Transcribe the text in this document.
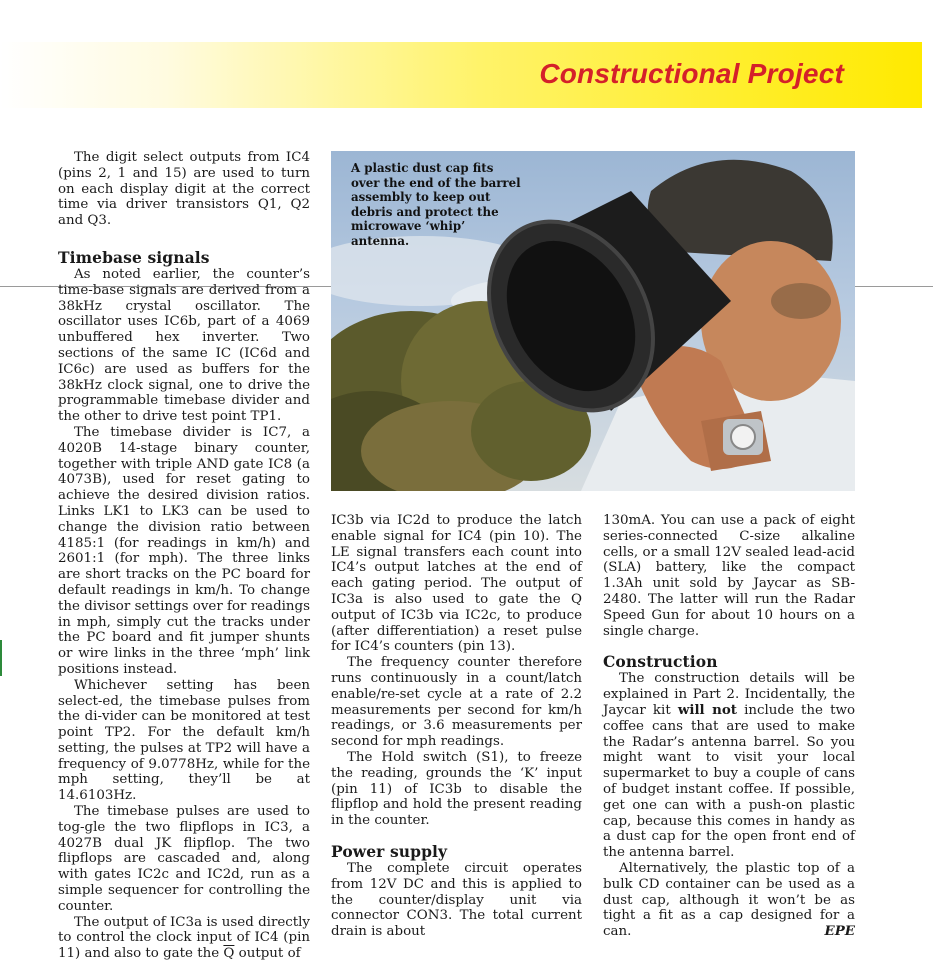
Constructional Project

The digit select outputs from IC4 (pins 2, 1 and 15) are used to turn on each display digit at the correct time via driver transistors Q1, Q2 and Q3.

Timebase signals

As noted earlier, the counter’s time-base signals are derived from a 38kHz crystal oscillator. The oscillator uses IC6b, part of a 4069 unbuffered hex inverter. Two sections of the same IC (IC6d and IC6c) are used as buffers for the 38kHz clock signal, one to drive the programmable timebase divider and the other to drive test point TP1.

The timebase divider is IC7, a 4020B 14-stage binary counter, together with triple AND gate IC8 (a 4073B), used for reset gating to achieve the desired division ratios. Links LK1 to LK3 can be used to change the division ratio between 4185:1 (for readings in km/h) and 2601:1 (for mph). The three links are short tracks on the PC board for default readings in km/h. To change the divisor settings over for readings in mph, simply cut the tracks under the PC board and fit jumper shunts or wire links in the three ‘mph’ link positions instead.

Whichever setting has been select-ed, the timebase pulses from the di-vider can be monitored at test point TP2. For the default km/h setting, the pulses at TP2 will have a frequency of 9.0778Hz, while for the mph setting, they’ll be at 14.6103Hz.

The timebase pulses are used to tog-gle the two flipflops in IC3, a 4027B dual JK flipflop. The two flipflops are cascaded and, along with gates IC2c and IC2d, run as a simple sequencer for controlling the counter.

The output of IC3a is used directly to control the clock input of IC4 (pin 11) and also to gate the $\overline{Q}$ output of

A plastic dust cap fits over the end of the barrel assembly to keep out debris and protect the microwave ‘whip’ antenna.

IC3b via IC2d to produce the latch enable signal for IC4 (pin 10). The LE signal transfers each count into IC4’s output latches at the end of each gating period. The output of IC3a is also used to gate the Q output of IC3b via IC2c, to produce (after differentiation) a reset pulse for IC4’s counters (pin 13).

The frequency counter therefore runs continuously in a count/latch enable/re-set cycle at a rate of 2.2 measurements per second for km/h readings, or 3.6 measurements per second for mph readings.

The Hold switch (S1), to freeze the reading, grounds the ‘K’ input (pin 11) of IC3b to disable the flipflop and hold the present reading in the counter.

Power supply

The complete circuit operates from 12V DC and this is applied to the counter/display unit via connector CON3. The total current drain is about

130mA. You can use a pack of eight series-connected C-size alkaline cells, or a small 12V sealed lead-acid (SLA) battery, like the compact 1.3Ah unit sold by Jaycar as SB-2480. The latter will run the Radar Speed Gun for about 10 hours on a single charge.

Construction

The construction details will be explained in Part 2. Incidentally, the Jaycar kit will not include the two coffee cans that are used to make the Radar’s antenna barrel. So you might want to visit your local supermarket to buy a couple of cans of budget instant coffee. If possible, get one can with a push-on plastic cap, because this comes in handy as a dust cap for the open front end of the antenna barrel.

Alternatively, the plastic top of a bulk CD container can be used as a dust cap, although it won’t be as tight a fit as a cap designed for a can.	EPE
